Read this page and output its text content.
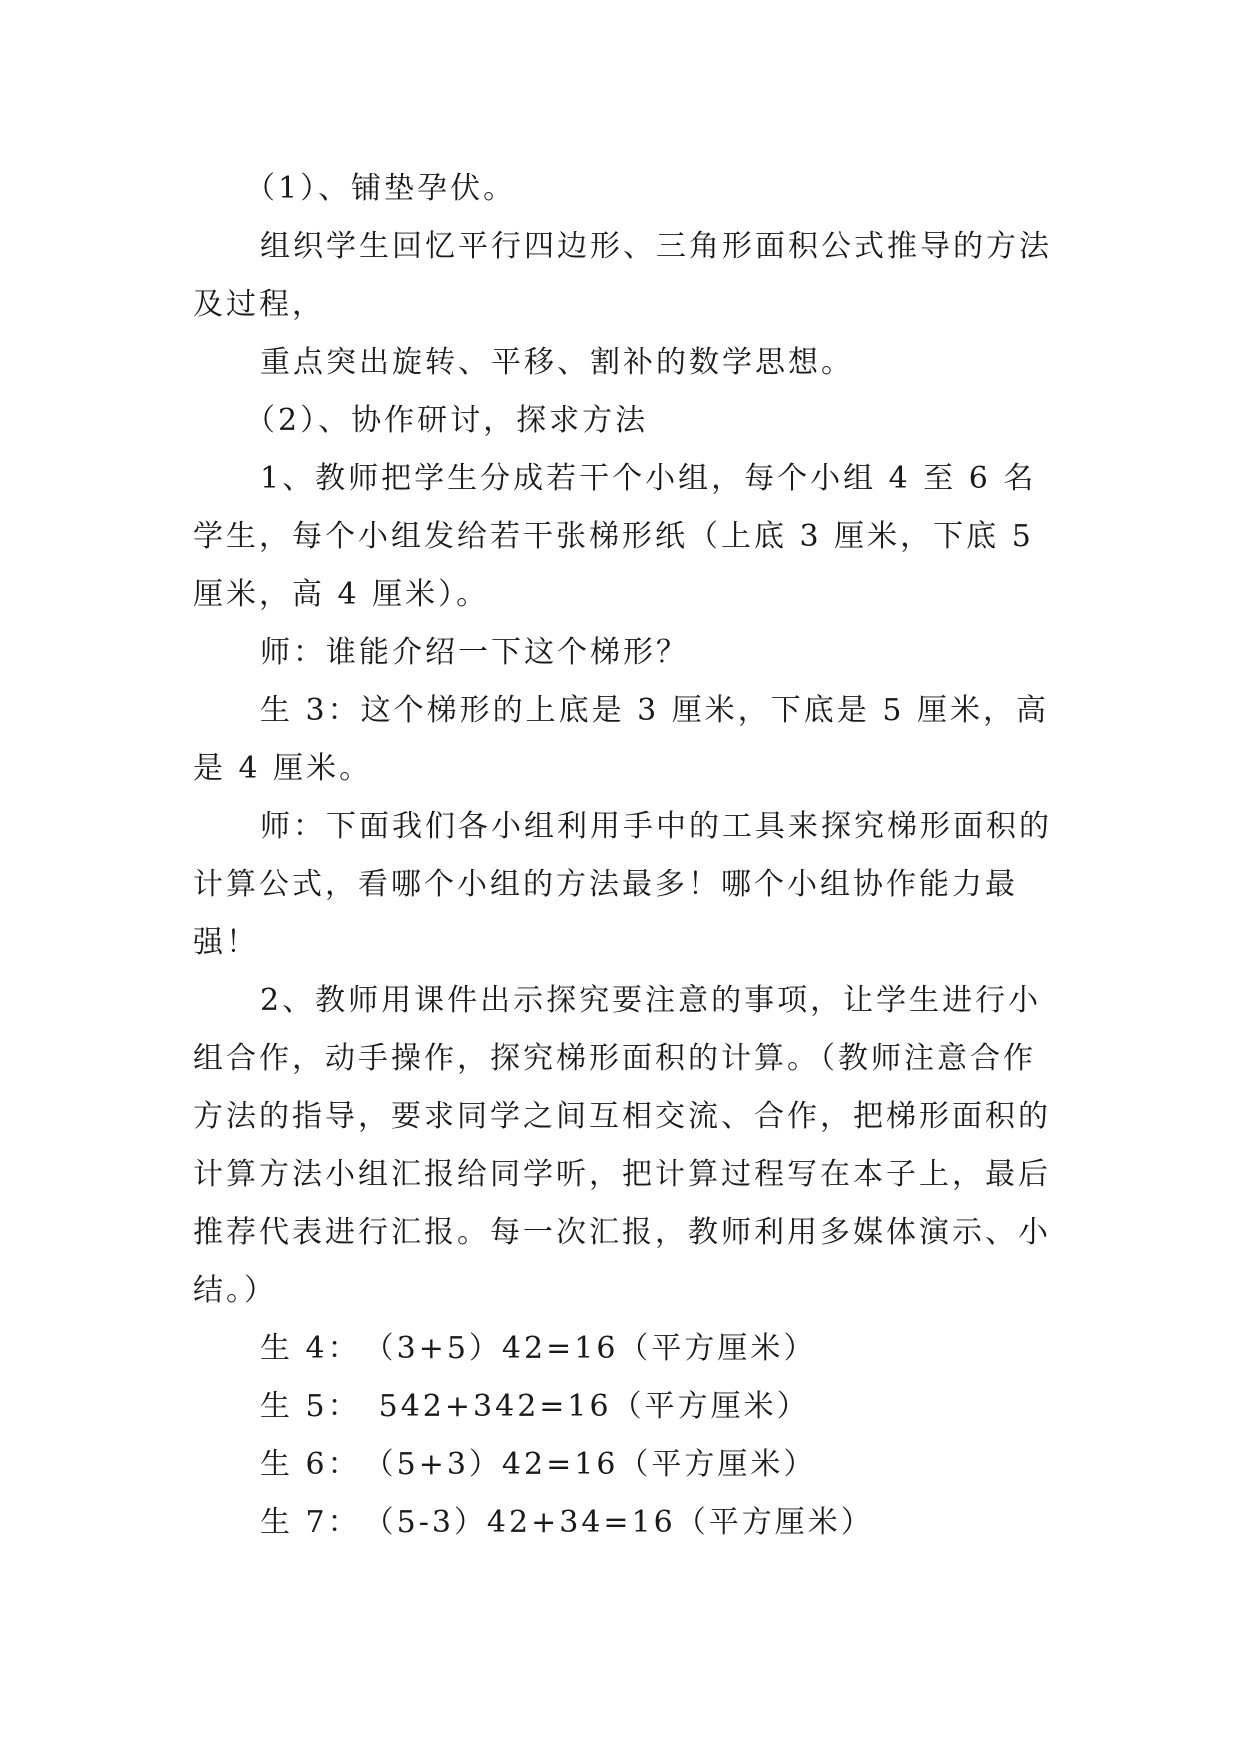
（1）、铺垫孕伏。

组织学生回忆平行四边形、三角形面积公式推导的方法及过程，

重点突出旋转、平移、割补的数学思想。

（2）、协作研讨，探求方法

1、教师把学生分成若干个小组，每个小组 4 至 6 名学生，每个小组发给若干张梯形纸（上底 3 厘米，下底 5 厘米，高 4 厘米）。

师：谁能介绍一下这个梯形？

生 3：这个梯形的上底是 3 厘米，下底是 5 厘米，高是 4 厘米。

师：下面我们各小组利用手中的工具来探究梯形面积的计算公式，看哪个小组的方法最多！哪个小组协作能力最强！

2、教师用课件出示探究要注意的事项，让学生进行小组合作，动手操作，探究梯形面积的计算。（教师注意合作方法的指导，要求同学之间互相交流、合作，把梯形面积的计算方法小组汇报给同学听，把计算过程写在本子上，最后推荐代表进行汇报。每一次汇报，教师利用多媒体演示、小结。）

生 4：　（3+5）42=16（平方厘米）

生 5：　542+342=16（平方厘米）

生 6：　（5+3）42=16（平方厘米）

生 7：　（5-3）42+34=16（平方厘米）
